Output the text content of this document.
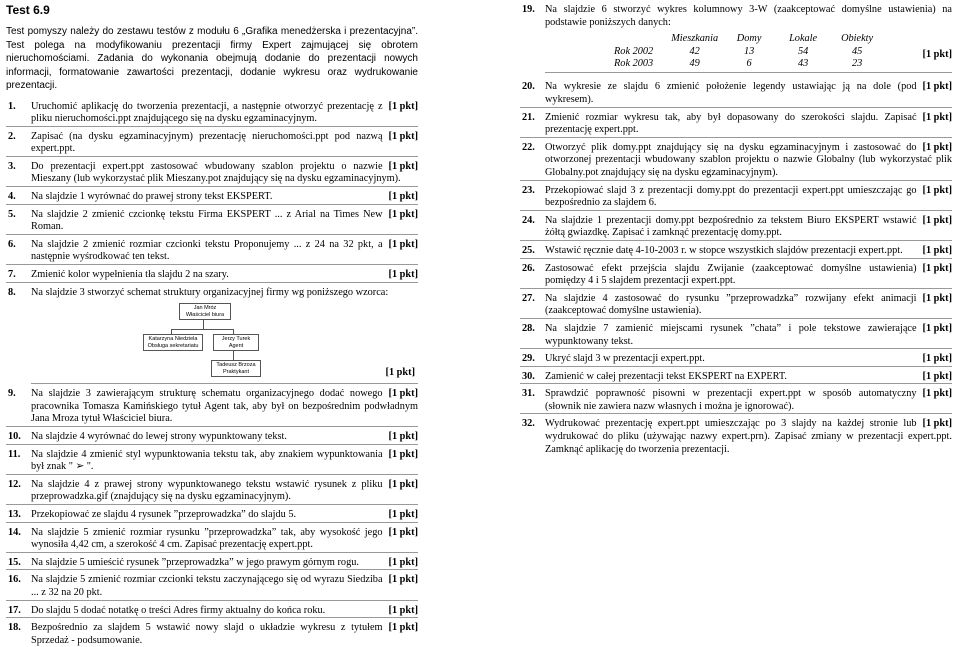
Test 6.9
Test pomyszy należy do zestawu testów z modułu 6 „Grafika menedżerska i prezentacyjna”. Test polega na modyfikowaniu prezentacji firmy Expert zajmującej się obrotem nieruchomościami. Zadania do wykonania obejmują dodanie do prezentacji nowych informacji, formatowanie zawartości prezentacji, dodanie wykresu oraz wydrukowanie prezentacji.
1.	[1 pkt]
Uruchomić aplikację do tworzenia prezentacji, a następnie otworzyć prezentację z pliku nieruchomości.ppt znajdującego się na dysku egzaminacyjnym.
2.	[1 pkt]
Zapisać (na dysku egzaminacyjnym) prezentację nieruchomości.ppt pod nazwą expert.ppt.
3.	[1 pkt]
Do prezentacji expert.ppt zastosować wbudowany szablon projektu o nazwie Mieszany (lub wykorzystać plik Mieszany.pot znajdujący się na dysku egzaminacyjnym).
4.	[1 pkt]
Na slajdzie 1 wyrównać do prawej strony tekst EKSPERT.
5.	[1 pkt]
Na slajdzie 2 zmienić czcionkę tekstu Firma EKSPERT ... z Arial na Times New Roman.
6.	[1 pkt]
Na slajdzie 2 zmienić rozmiar czcionki tekstu Proponujemy ... z 24 na 32 pkt, a następnie wyśrodkować ten tekst.
7.	[1 pkt]
Zmienić kolor wypełnienia tła slajdu 2 na szary.
8. Na slajdzie 3 stworzyć schemat struktury organizacyjnej firmy wg poniższego wzorca:
Jan Mróz
Właściciel biura
Katarzyna Niedziela
Obsługa sekretariatu
Jerzy Turek
Agent
Tadeusz Brzoza
Praktykant	[1 pkt]
9.	[1 pkt]
Na slajdzie 3 zawierającym strukturę schematu organizacyjnego dodać nowego pracownika Tomasza Kamińskiego tytuł Agent tak, aby był on bezpośrednim podwładnym Jana Mroza tytuł Właściciel biura.
10.	[1 pkt]
Na slajdzie 4 wyrównać do lewej strony wypunktowany tekst.
11.	[1 pkt]
Na slajdzie 4 zmienić styl wypunktowania tekstu tak, aby znakiem wypunktowania był znak " ➢ ".
12.	[1 pkt]
Na slajdzie 4 z prawej strony wypunktowanego tekstu wstawić rysunek z pliku przeprowadzka.gif (znajdujący się na dysku egzaminacyjnym).
13.	[1 pkt]
Przekopiować ze slajdu 4 rysunek ”przeprowadzka” do slajdu 5.
14.	[1 pkt]
Na slajdzie 5 zmienić rozmiar rysunku ”przeprowadzka” tak, aby wysokość jego wynosiła 4,42 cm, a szerokość 4 cm. Zapisać prezentację expert.ppt.
15.	[1 pkt]
Na slajdzie 5 umieścić rysunek ”przeprowadzka” w jego prawym górnym rogu.
16.	[1 pkt]
Na slajdzie 5 zmienić rozmiar czcionki tekstu zaczynającego się od wyrazu Siedziba ... z 32 na 20 pkt.
17.	[1 pkt]
Do slajdu 5 dodać notatkę o treści Adres firmy aktualny do końca roku.
18.	[1 pkt]
Bezpośrednio za slajdem 5 wstawić nowy slajd o układzie wykresu z tytułem Sprzedaż - podsumowanie.
19. Na slajdzie 6 stworzyć wykres kolumnowy 3-W (zaakceptować domyślne ustawienia) na podstawie poniższych danych:
	Mieszkania	Domy	Lokale	Obiekty
Rok 2002	42	13	54	45
Rok 2003	49	6	43	23
[1 pkt]
20.	[1 pkt]
Na wykresie ze slajdu 6 zmienić położenie legendy ustawiając ją na dole (pod wykresem).
21.	[1 pkt]
Zmienić rozmiar wykresu tak, aby był dopasowany do szerokości slajdu. Zapisać prezentację expert.ppt.
22.	[1 pkt]
Otworzyć plik domy.ppt znajdujący się na dysku egzaminacyjnym i zastosować do otworzonej prezentacji wbudowany szablon projektu o nazwie Globalny (lub wykorzystać plik Globalny.pot znajdujący się na dysku egzaminacyjnym).
23.	[1 pkt]
Przekopiować slajd 3 z prezentacji domy.ppt do prezentacji expert.ppt umieszczając go bezpośrednio za slajdem 6.
24.	[1 pkt]
Na slajdzie 1 prezentacji domy.ppt bezpośrednio za tekstem Biuro EKSPERT wstawić żółtą gwiazdkę. Zapisać i zamknąć prezentację domy.ppt.
25.	[1 pkt]
Wstawić ręcznie datę 4-10-2003 r. w stopce wszystkich slajdów prezentacji expert.ppt.
26.	[1 pkt]
Zastosować efekt przejścia slajdu Zwijanie (zaakceptować domyślne ustawienia) pomiędzy 4 i 5 slajdem prezentacji expert.ppt.
27.	[1 pkt]
Na slajdzie 4 zastosować do rysunku ”przeprowadzka” rozwijany efekt animacji (zaakceptować domyślne ustawienia).
28.	[1 pkt]
Na slajdzie 7 zamienić miejscami rysunek ”chata” i pole tekstowe zawierające wypunktowany tekst.
29.	[1 pkt]
Ukryć slajd 3 w prezentacji expert.ppt.
30.	[1 pkt]
Zamienić w całej prezentacji tekst EKSPERT na EXPERT.
31.	[1 pkt]
Sprawdzić poprawność pisowni w prezentacji expert.ppt w sposób automatyczny (słownik nie zawiera nazw własnych i można je ignorować).
32.	[1 pkt]
Wydrukować prezentację expert.ppt umieszczając po 3 slajdy na każdej stronie lub wydrukować do pliku (używając nazwy expert.prn). Zapisać zmiany w prezentacji expert.ppt. Zamknąć aplikację do tworzenia prezentacji.
